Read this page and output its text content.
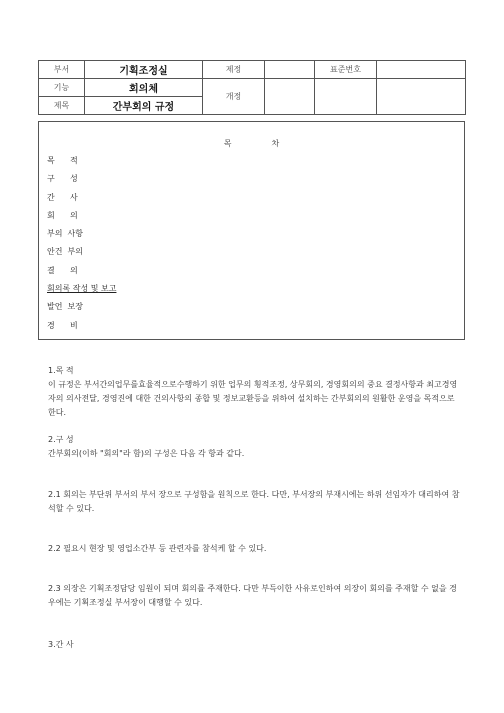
부서	기획조정실	제정		표준번호	
기능	회의체	개정			
제목	간부회의 규정				
목차
목      적
구      성
간      사
회      의
부의  사항
안건  부의
결      의
회의록 작성 및 보고
발언  보장
경      비

1.목 적

이 규정은 부서간의업무를효율적으로수행하기 위한 업무의 횡적조정, 상무회의, 경영회의의 중요 결정사항과 최고경영자의 의사전달, 경영진에 대한 건의사항의 종합 및 정보교환등을 위하여 설치하는 간부회의의 원활한 운영을 목적으로 한다.

2.구 성

간부회의(이하 "회의"라 함)의 구성은 다음 각 항과 같다.

2.1 회의는 부단위 부서의 부서 장으로 구성함을 원칙으로 한다. 다만, 부서장의 부재시에는 하위 선임자가 대리하여 참석할 수 있다.

2.2 필요시 현장 및 영업소간부 등 관련자를 참석케 할 수 있다.

2.3 의장은 기획조정담당 임원이 되며 회의를 주재한다. 다만 부득이한 사유로인하여 의장이 회의를 주재할 수 없을 경우에는 기획조정실 부서장이 대행할 수 있다.

3.간 사
